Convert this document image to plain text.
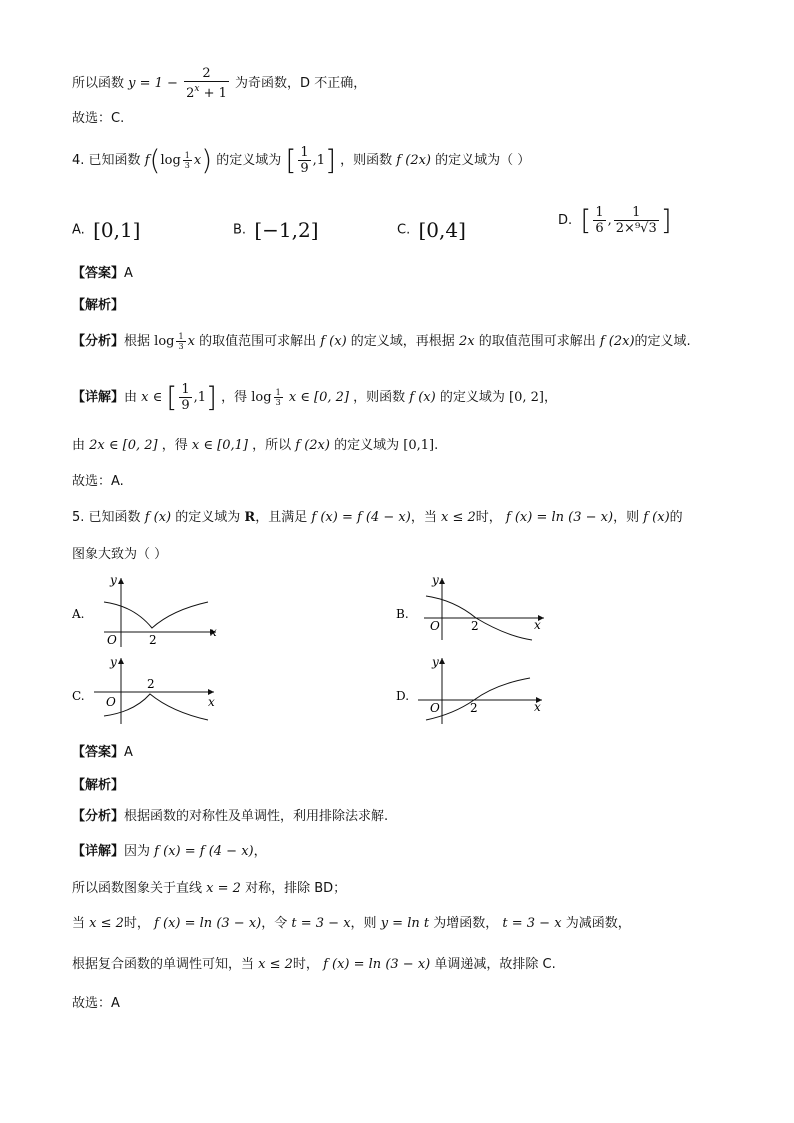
所以函数 $y = 1 - \frac{2}{2^x + 1}$ 为奇函数，D 不正确，
故选：C.
4. 已知函数 $f(\log \frac{1}{3} x)$ 的定义域为 [ $\frac{1}{9} ,1$] ，则函数 f (2x) 的定义域为（ ）
A. [0,1]	B. [−1,2]	C. [0,4]	D. [ $\frac{1}{6}$ , $\frac{1}{\text{2×⁹√3}}$ ]
【答案】A
【解析】
【分析】根据 $\log \frac{1}{3}$ x 的取值范围可求解出 f (x) 的定义域，再根据 2x 的取值范围可求解出 f (2x)的定义域.
【详解】由 x ∈ [ $\frac{1}{9} ,1$] ，得 $\log \frac{1}{3}$ x ∈ [0, 2] ，则函数 f (x) 的定义域为 [0, 2]，
由 2x ∈ [0, 2] ，得 x ∈ [0,1] ，所以 f (2x) 的定义域为 [0,1].
故选：A.
5. 已知函数 f (x) 的定义域为 R，且满足 f (x) = f (4 − x)，当 x ≤ 2时， f (x) = ln (3 − x)，则 f (x)的
图象大致为（ ）
A.
y
x
O	2
B.
y
x
O	2
C.
y
x
O
2
D.
y
x
O	2
【答案】A
【解析】
【分析】根据函数的对称性及单调性，利用排除法求解.
【详解】因为 f (x) = f (4 − x)，
所以函数图象关于直线 x = 2 对称，排除 BD；
当 x ≤ 2时， f (x) = ln (3 − x)，令 t = 3 − x，则 y = ln t 为增函数， t = 3 − x 为减函数，
根据复合函数的单调性可知，当 x ≤ 2时， f (x) = ln (3 − x) 单调递减，故排除 C.
故选：A
